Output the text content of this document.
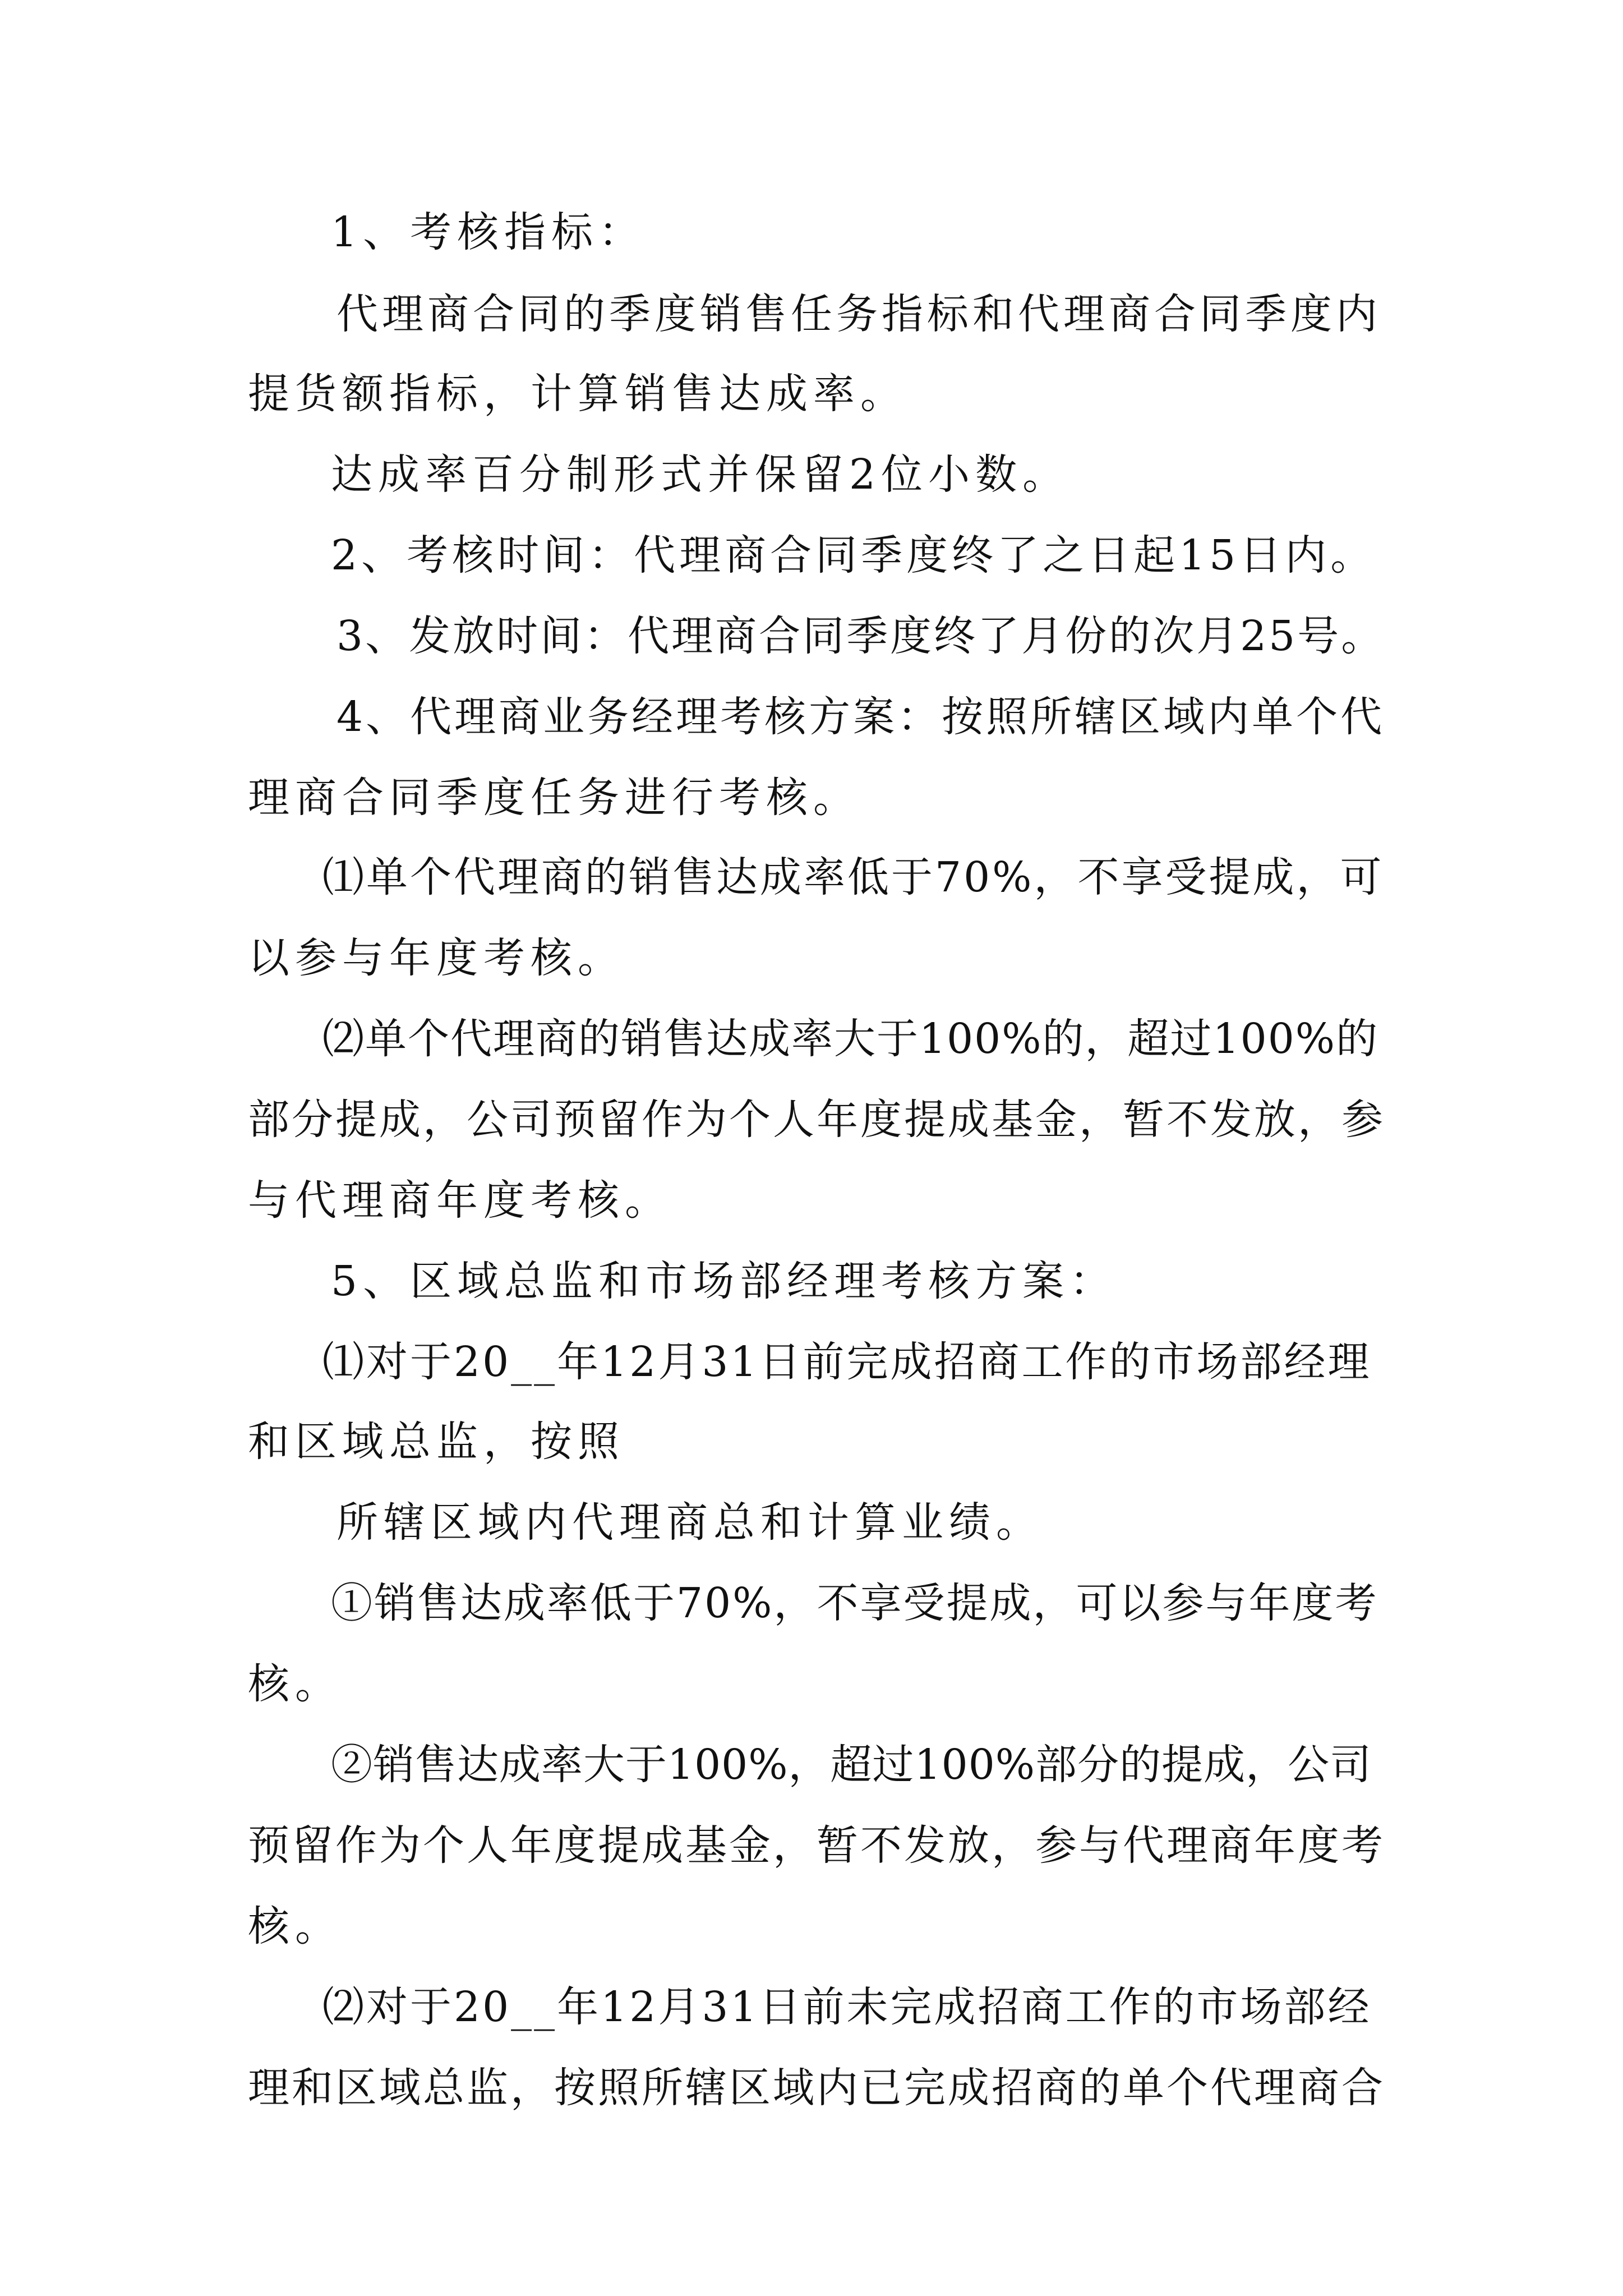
1、考核指标：
代理商合同的季度销售任务指标和代理商合同季度内
提货额指标，计算销售达成率。
达成率百分制形式并保留2位小数。
2、考核时间：代理商合同季度终了之日起15日内。
3、发放时间：代理商合同季度终了月份的次月25号。
4、代理商业务经理考核方案：按照所辖区域内单个代
理商合同季度任务进行考核。
⑴单个代理商的销售达成率低于70%，不享受提成，可
以参与年度考核。
⑵单个代理商的销售达成率大于100%的，超过100%的
部分提成，公司预留作为个人年度提成基金，暂不发放，参
与代理商年度考核。
5、区域总监和市场部经理考核方案：
⑴对于20__年12月31日前完成招商工作的市场部经理
和区域总监，按照
所辖区域内代理商总和计算业绩。
①销售达成率低于70%，不享受提成，可以参与年度考
核。
②销售达成率大于100%，超过100%部分的提成，公司
预留作为个人年度提成基金，暂不发放，参与代理商年度考
核。
⑵对于20__年12月31日前未完成招商工作的市场部经
理和区域总监，按照所辖区域内已完成招商的单个代理商合
